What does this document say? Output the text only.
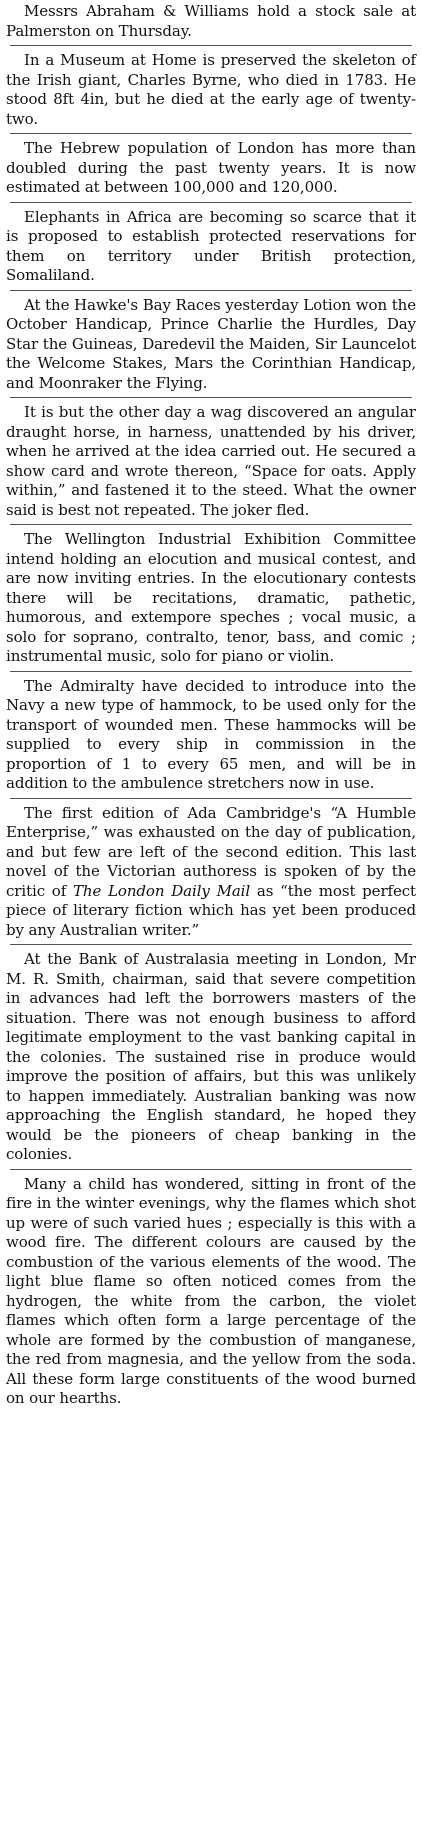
Messrs Abraham & Williams hold a stock sale at Palmerston on Thursday.

In a Museum at Home is preserved the skeleton of the Irish giant, Charles Byrne, who died in 1783. He stood 8ft 4in, but he died at the early age of twenty-two.

The Hebrew population of London has more than doubled during the past twenty years. It is now estimated at between 100,000 and 120,000.

Elephants in Africa are becoming so scarce that it is proposed to establish protected reservations for them on territory under British protection, Somaliland.

At the Hawke's Bay Races yesterday Lotion won the October Handicap, Prince Charlie the Hurdles, Day Star the Guineas, Daredevil the Maiden, Sir Launcelot the Welcome Stakes, Mars the Corinthian Handicap, and Moonraker the Flying.

It is but the other day a wag discovered an angular draught horse, in harness, unattended by his driver, when he arrived at the idea carried out. He secured a show card and wrote thereon, “Space for oats. Apply within,” and fastened it to the steed. What the owner said is best not repeated. The joker fled.

The Wellington Industrial Exhibition Committee intend holding an elocution and musical contest, and are now inviting entries. In the elocutionary contests there will be recitations, dramatic, pathetic, humorous, and extempore speches ; vocal music, a solo for soprano, contralto, tenor, bass, and comic ; instrumental music, solo for piano or violin.

The Admiralty have decided to introduce into the Navy a new type of hammock, to be used only for the transport of wounded men. These hammocks will be supplied to every ship in commission in the proportion of 1 to every 65 men, and will be in addition to the ambulence stretchers now in use.

The first edition of Ada Cambridge's “A Humble Enterprise,” was exhausted on the day of publication, and but few are left of the second edition. This last novel of the Victorian authoress is spoken of by the critic of The London Daily Mail as “the most perfect piece of literary fiction which has yet been produced by any Australian writer.”

At the Bank of Australasia meeting in London, Mr M. R. Smith, chairman, said that severe competition in advances had left the borrowers masters of the situation. There was not enough business to afford legitimate employment to the vast banking capital in the colonies. The sustained rise in produce would improve the position of affairs, but this was unlikely to happen immediately. Australian banking was now approaching the English standard, he hoped they would be the pioneers of cheap banking in the colonies.

Many a child has wondered, sitting in front of the fire in the winter evenings, why the flames which shot up were of such varied hues ; especially is this with a wood fire. The different colours are caused by the combustion of the various elements of the wood. The light blue flame so often noticed comes from the hydrogen, the white from the carbon, the violet flames which often form a large percentage of the whole are formed by the combustion of manganese, the red from magnesia, and the yellow from the soda. All these form large constituents of the wood burned on our hearths.
